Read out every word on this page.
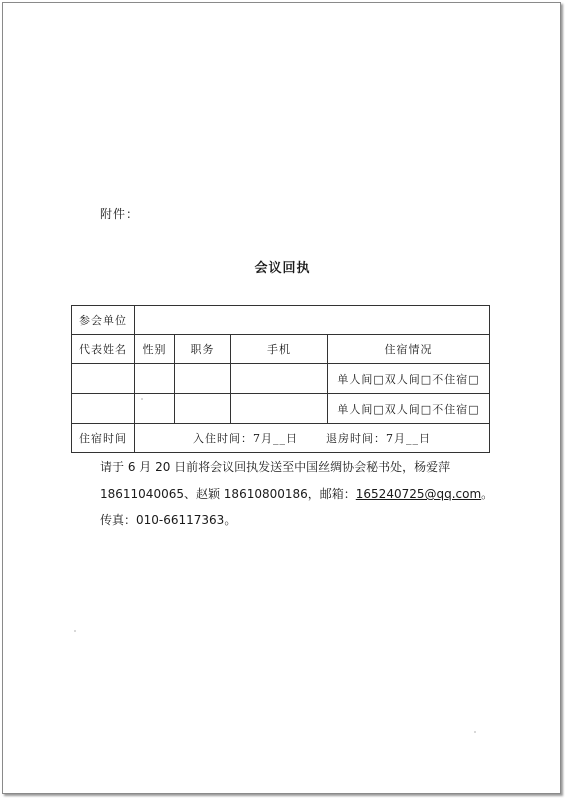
附件：
会议回执
参会单位				
代表姓名	性别	职务	手机	住宿情况
				单人间□双人间□不住宿□
				单人间□双人间□不住宿□
住宿时间	入住时间：7月__日 退房时间：7月__日			
请于 6 月 20 日前将会议回执发送至中国丝绸协会秘书处，杨爱萍
18611040065、赵颖 18610800186，邮箱：165240725@qq.com。
传真：010-66117363。
